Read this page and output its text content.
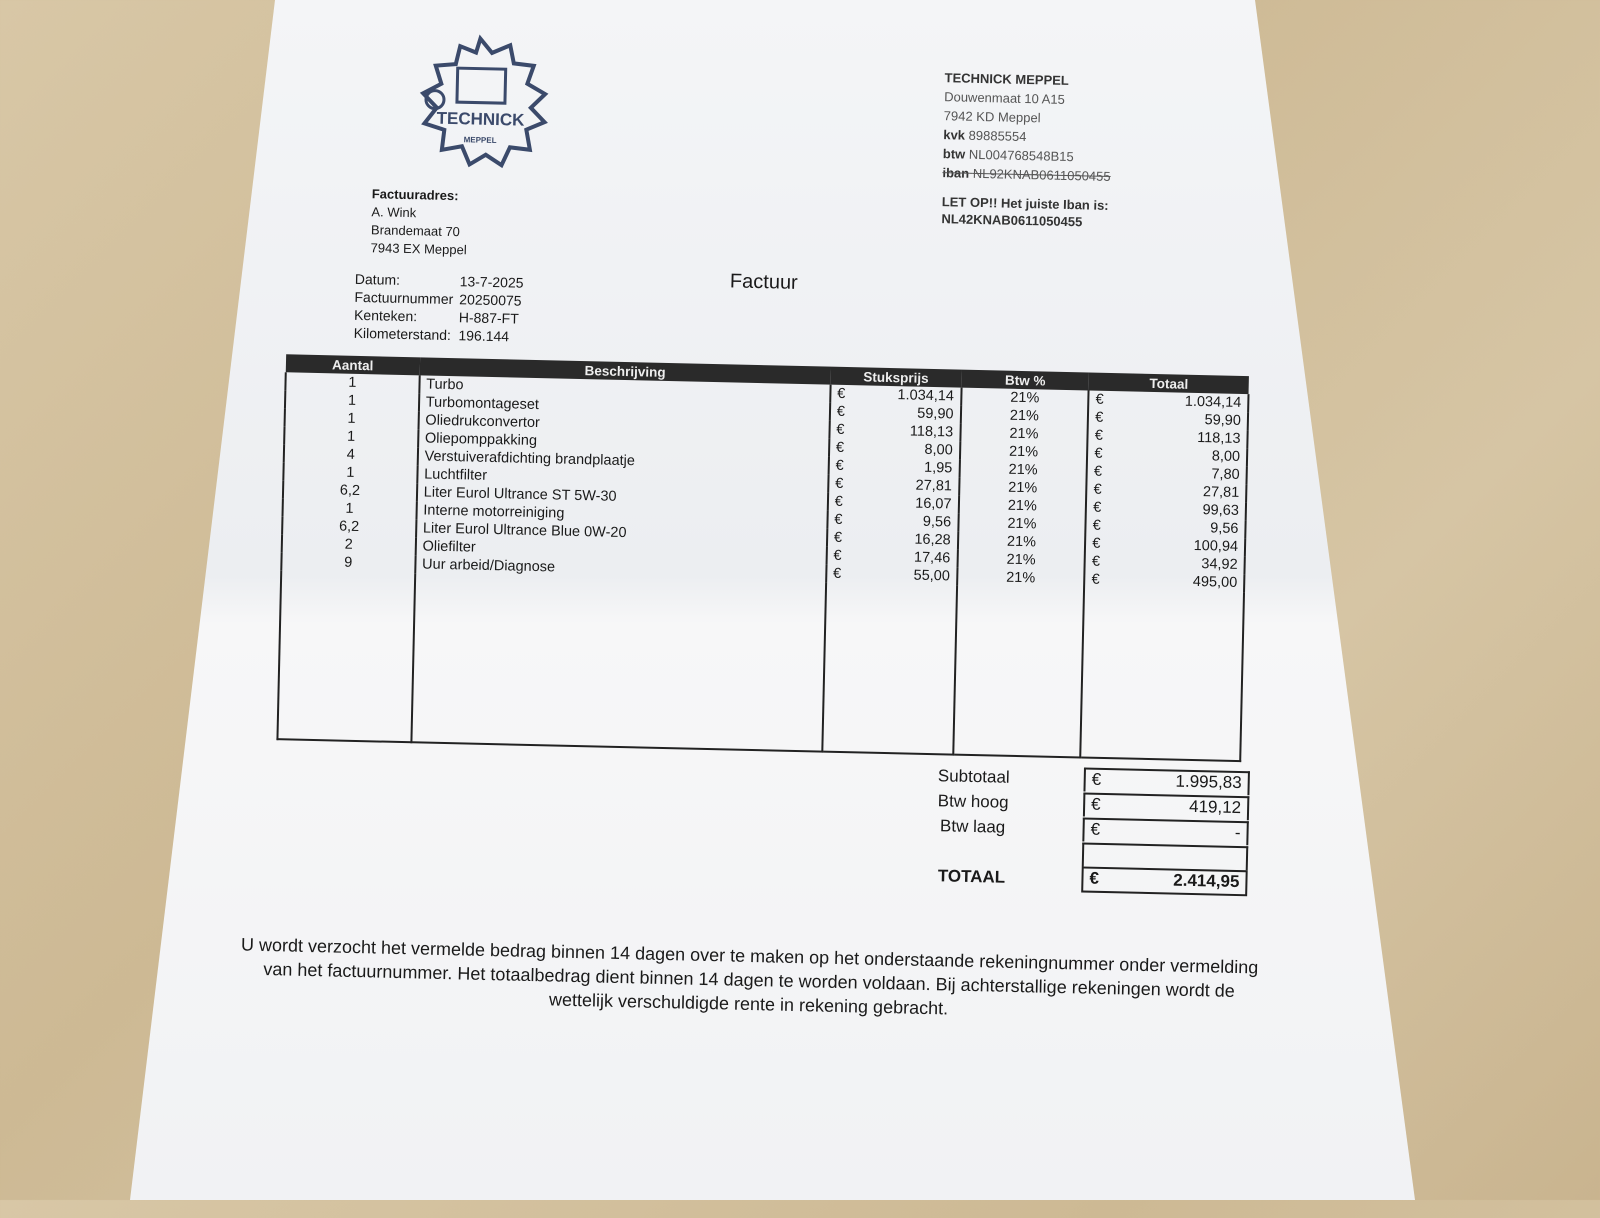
TECHNICK
MEPPEL
TECHNICK MEPPEL
Douwenmaat 10 A15
7942 KD Meppel
kvk 89885554
btw NL004768548B15
iban NL92KNAB0611050455
LET OP!! Het juiste Iban is:
NL42KNAB0611050455
Factuuradres:
A. Wink
Brandemaat 70
7943 EX Meppel
Factuur
Datum:	13-7-2025
Factuurnummer	20250075
Kenteken:	H-887-FT
Kilometerstand:	196.144
Aantal	Beschrijving	Stuksprijs	Btw %	Totaal
1	Turbo	€ 1.034,14	21%	€ 1.034,14
1	Turbomontageset	€ 59,90	21%	€ 59,90
1	Oliedrukconvertor	€ 118,13	21%	€ 118,13
1	Oliepomppakking	€ 8,00	21%	€ 8,00
4	Verstuiverafdichting brandplaatje	€ 1,95	21%	€ 7,80
1	Luchtfilter	€ 27,81	21%	€ 27,81
6,2	Liter Eurol Ultrance ST 5W-30	€ 16,07	21%	€ 99,63
1	Interne motorreiniging	€ 9,56	21%	€ 9,56
6,2	Liter Eurol Ultrance Blue 0W-20	€ 16,28	21%	€ 100,94
2	Oliefilter	€ 17,46	21%	€ 34,92
9	Uur arbeid/Diagnose	€ 55,00	21%	€ 495,00

Subtotaal	€	1.995,83
Btw hoog	€	419,12
Btw laag	€	-
TOTAAL	€	2.414,95
U wordt verzocht het vermelde bedrag binnen 14 dagen over te maken op het onderstaande rekeningnummer onder vermelding van het factuurnummer. Het totaalbedrag dient binnen 14 dagen te worden voldaan. Bij achterstallige rekeningen wordt de wettelijk verschuldigde rente in rekening gebracht.
